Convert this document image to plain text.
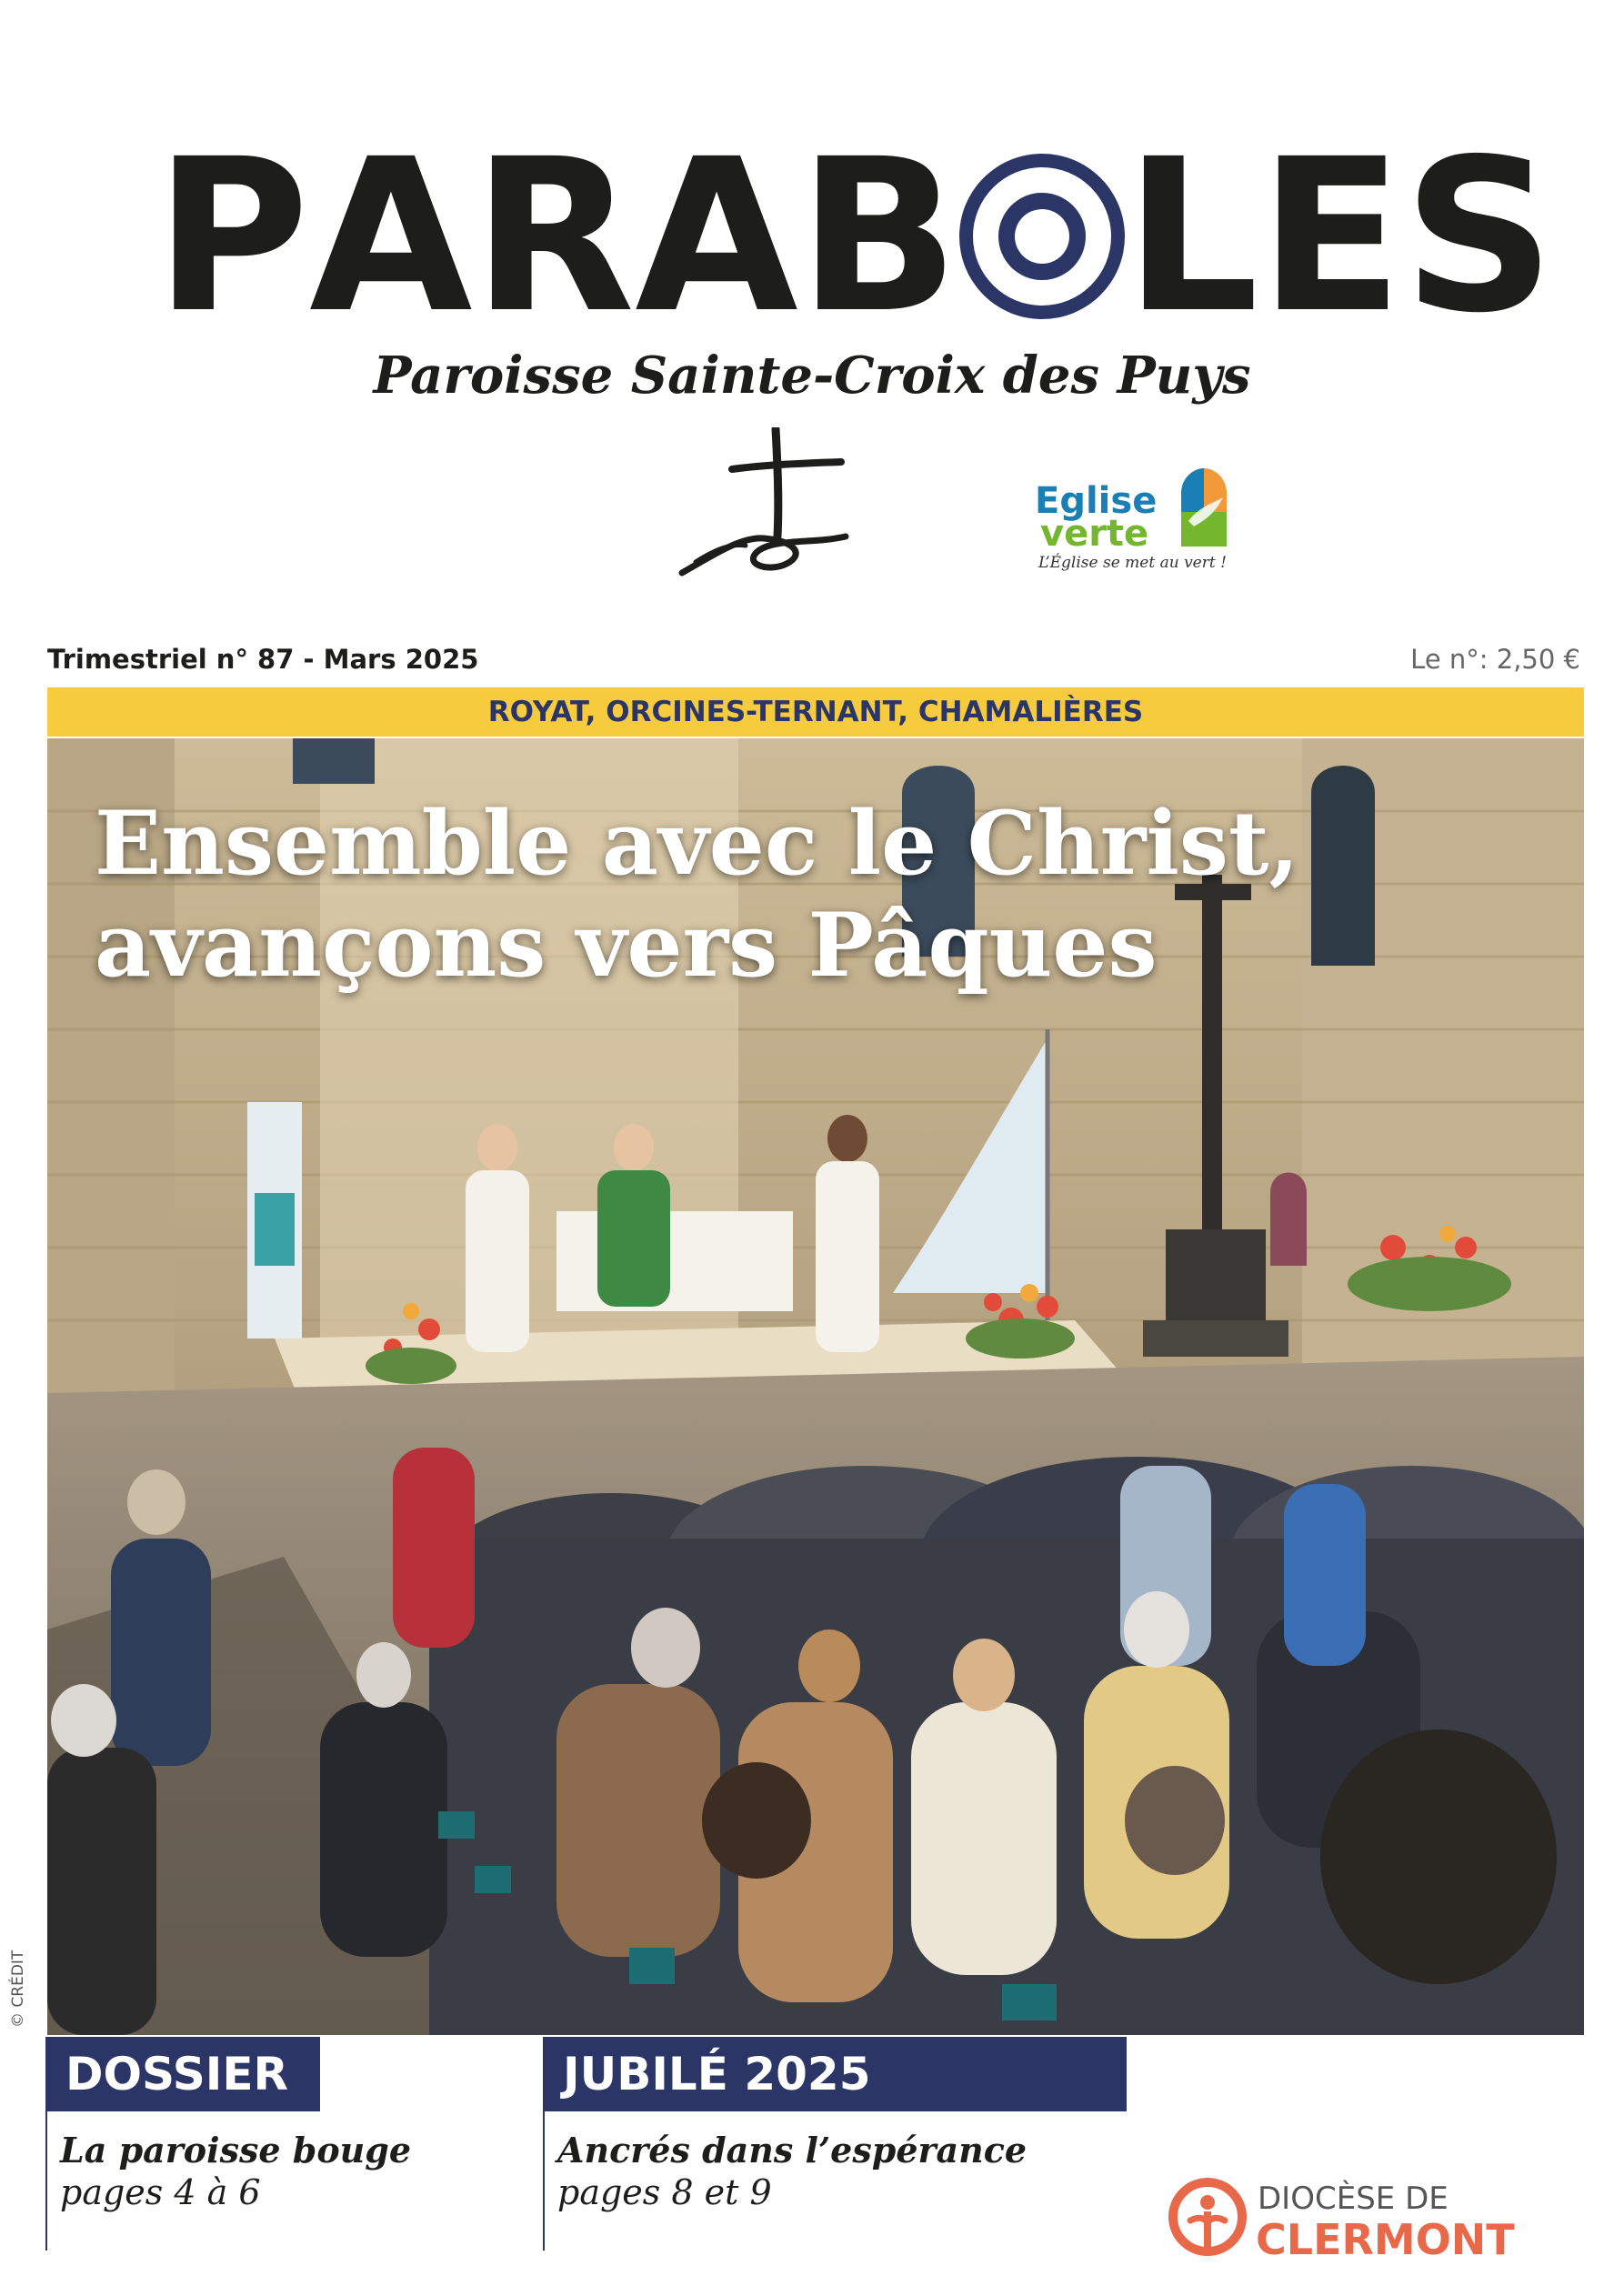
P A R A B L E S
Paroisse Sainte-Croix des Puys
Eglise
verte
L’Église se met au vert !
Trimestriel n° 87 - Mars 2025	Le n°: 2,50 €
ROYAT, ORCINES-TERNANT, CHAMALIÈRES
Ensemble avec le Christ,
avançons vers Pâques
© CRÉDIT
DOSSIER
La paroisse bouge
pages 4 à 6
JUBILÉ 2025
Ancrés dans l’espérance
pages 8 et 9	DIOCÈSE DE
CLERMONT
